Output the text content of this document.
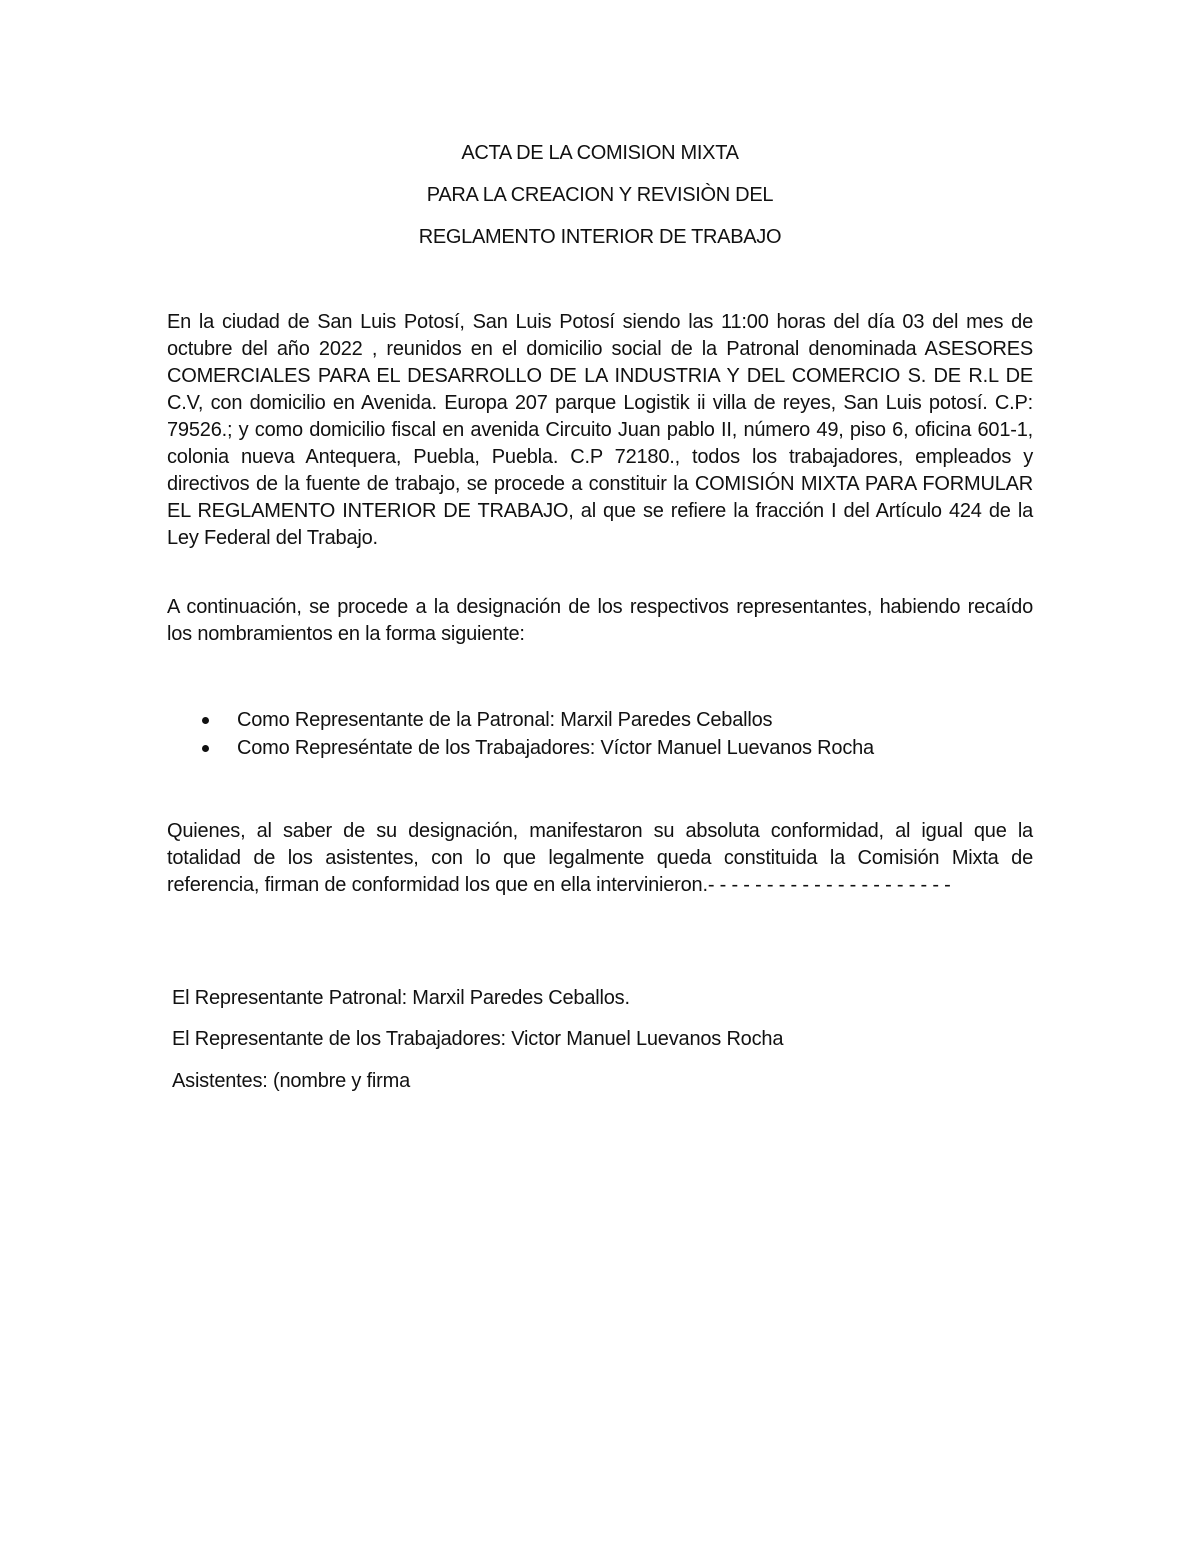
ACTA DE LA COMISION MIXTA

PARA LA CREACION Y REVISIÒN DEL

REGLAMENTO INTERIOR DE TRABAJO

En la ciudad de San Luis Potosí, San Luis Potosí siendo las 11:00 horas del día 03 del mes de octubre del año 2022 , reunidos en el domicilio social de la Patronal denominada ASESORES COMERCIALES PARA EL DESARROLLO DE LA INDUSTRIA Y DEL COMERCIO S. DE R.L DE C.V, con domicilio en Avenida. Europa 207 parque Logistik ii villa de reyes, San Luis potosí. C.P: 79526.; y como domicilio fiscal en avenida Circuito Juan pablo II, número 49, piso 6, oficina 601-1, colonia nueva Antequera, Puebla, Puebla. C.P 72180., todos los trabajadores, empleados y directivos de la fuente de trabajo, se procede a constituir la COMISIÓN MIXTA PARA FORMULAR EL REGLAMENTO INTERIOR DE TRABAJO, al que se refiere la fracción I del Artículo 424 de la Ley Federal del Trabajo.
A continuación, se procede a la designación de los respectivos representantes, habiendo recaído los nombramientos en la forma siguiente:
Como Representante de la Patronal: Marxil Paredes Ceballos
Como Represéntate de los Trabajadores: Víctor Manuel Luevanos Rocha
Quienes, al saber de su designación, manifestaron su absoluta conformidad, al igual que la totalidad de los asistentes, con lo que legalmente queda constituida la Comisión Mixta de referencia, firman de conformidad los que en ella intervinieron.- - - - - - - - - - - - - - - - - - - - -
El Representante Patronal: Marxil Paredes Ceballos.
El Representante de los Trabajadores: Victor Manuel Luevanos Rocha
Asistentes: (nombre y firma
